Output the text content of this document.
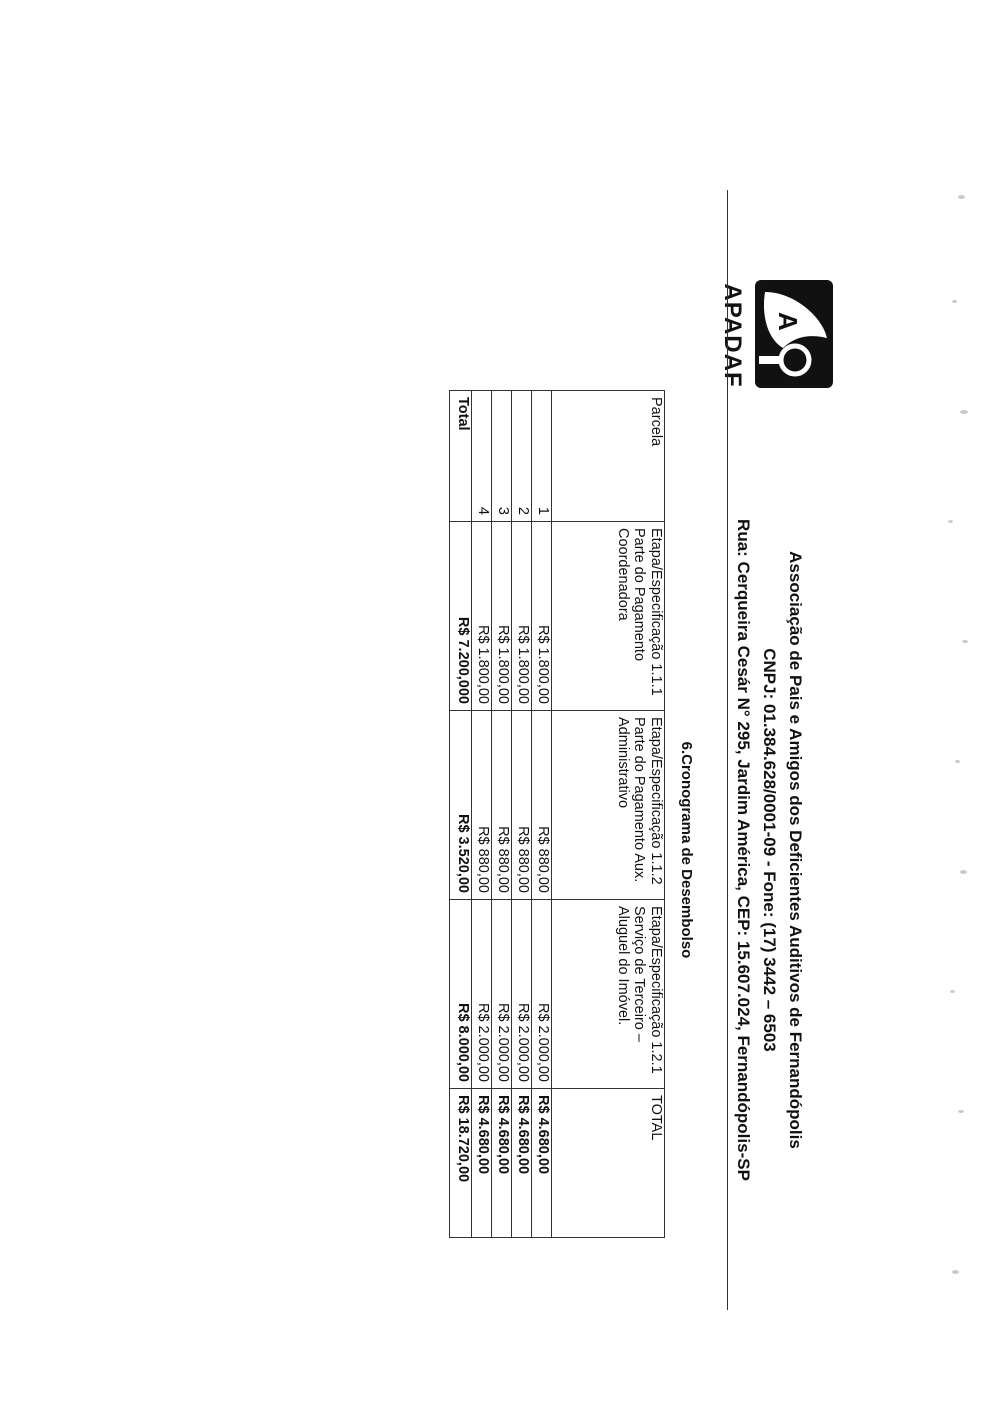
A
APADAF
Associação de Pais e Amigos dos Deficientes Auditivos de Fernandópolis
CNPJ: 01.384.628/0001-09 - Fone: (17) 3442 – 6503
Rua: Cerqueira Cesár N° 295, Jardim América, CEP: 15.607.024, Fernandópolis-SP
6.Cronograma de Desembolso
Parcela	Etapa/Especificação 1.1.1 Parte do Pagamento Coordenadora	Etapa/Especificação 1.1.2 Parte do Pagamento Aux. Administrativo	Etapa/Especificação 1.2.1 Serviço de Terceiro – Aluguel do Imóvel.	TOTAL
1	R$ 1.800,00	R$ 880,00	R$ 2.000,00	R$ 4.680,00
2	R$ 1.800,00	R$ 880,00	R$ 2.000,00	R$ 4.680,00
3	R$ 1.800,00	R$ 880,00	R$ 2.000,00	R$ 4.680,00
4	R$ 1.800,00	R$ 880,00	R$ 2.000,00	R$ 4.680,00
Total	R$ 7.200,000	R$ 3.520,00	R$ 8.000,00	R$ 18.720,00
